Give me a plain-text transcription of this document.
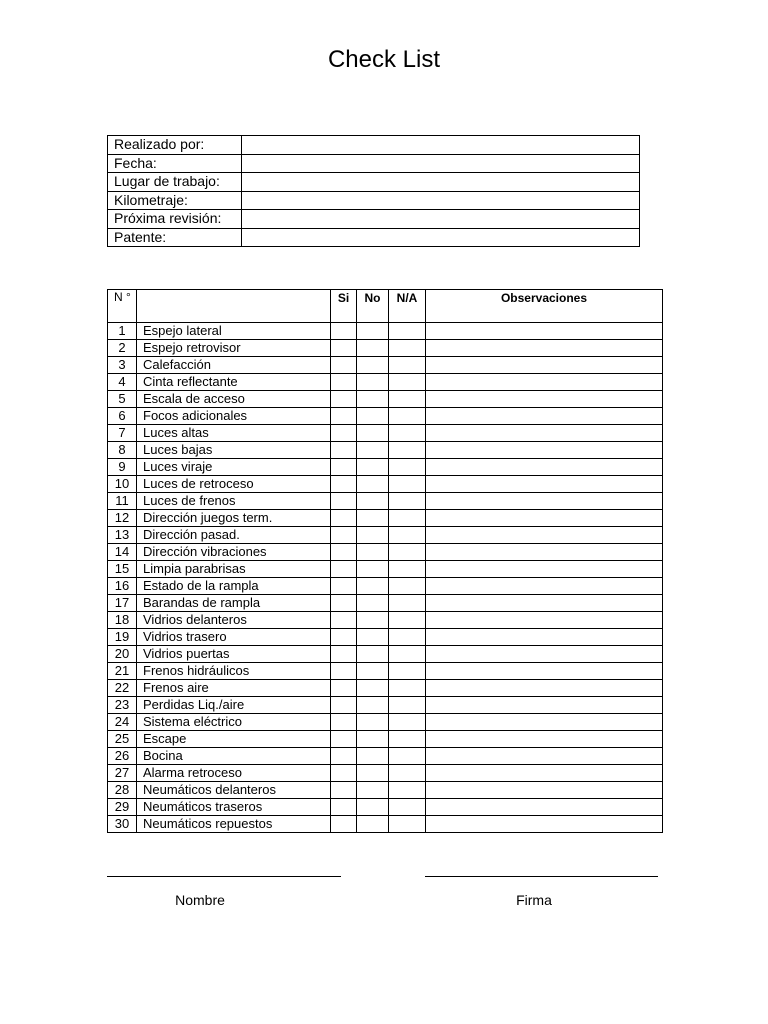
Check List
Realizado por:	
Fecha:	
Lugar de trabajo:	
Kilometraje:	
Próxima revisión:	
Patente:	
N °		Si	No	N/A	Observaciones
1	Espejo lateral				
2	Espejo retrovisor				
3	Calefacción				
4	Cinta reflectante				
5	Escala de acceso				
6	Focos adicionales				
7	Luces altas				
8	Luces bajas				
9	Luces viraje				
10	Luces de retroceso				
11	Luces de frenos				
12	Dirección juegos term.				
13	Dirección pasad.				
14	Dirección vibraciones				
15	Limpia parabrisas				
16	Estado de la rampla				
17	Barandas de rampla				
18	Vidrios delanteros				
19	Vidrios trasero				
20	Vidrios puertas				
21	Frenos hidráulicos				
22	Frenos aire				
23	Perdidas Liq./aire				
24	Sistema eléctrico				
25	Escape				
26	Bocina				
27	Alarma retroceso				
28	Neumáticos delanteros				
29	Neumáticos traseros				
30	Neumáticos repuestos				
Nombre	Firma
